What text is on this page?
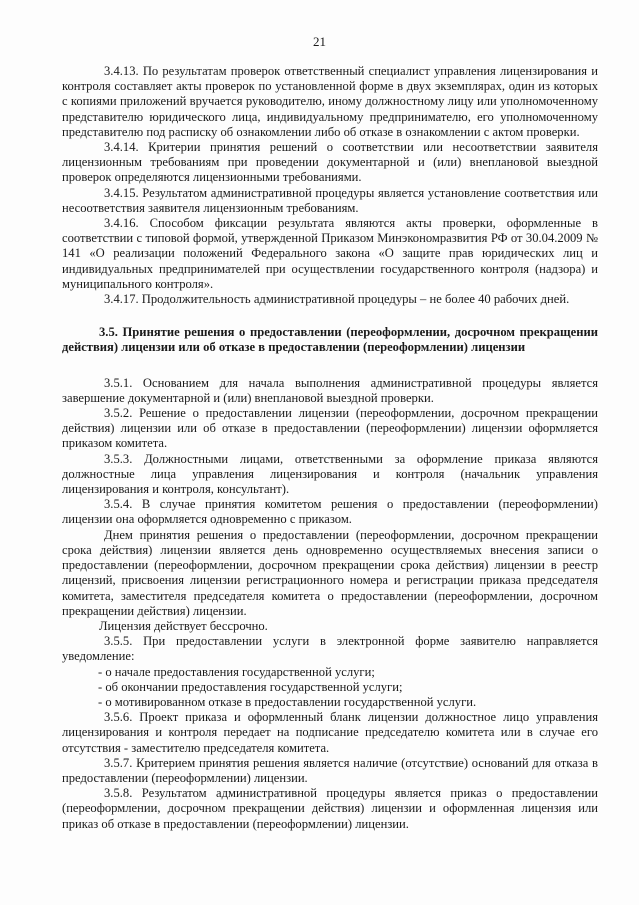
21

3.4.13. По результатам проверок ответственный специалист управления лицензирования и контроля составляет акты проверок по установленной форме в двух экземплярах, один из которых с копиями приложений вручается руководителю, иному должностному лицу или уполномоченному представителю юридического лица, индивидуальному предпринимателю, его уполномоченному представителю под расписку об ознакомлении либо об отказе в ознакомлении с актом проверки.

3.4.14. Критерии принятия решений о соответствии или несоответствии заявителя лицензионным требованиям при проведении документарной и (или) внеплановой выездной проверок определяются лицензионными требованиями.

3.4.15. Результатом административной процедуры является установление соответствия или несоответствия заявителя лицензионным требованиям.

3.4.16. Способом фиксации результата являются акты проверки, оформленные в соответствии с типовой формой, утвержденной Приказом Минэкономразвития РФ от 30.04.2009 № 141 «О реализации положений Федерального закона «О защите прав юридических лиц и индивидуальных предпринимателей при осуществлении государственного контроля (надзора) и муниципального контроля».

3.4.17. Продолжительность административной процедуры – не более 40 рабочих дней.

3.5. Принятие решения о предоставлении (переоформлении, досрочном прекращении действия) лицензии или об отказе в предоставлении (переоформлении) лицензии

3.5.1. Основанием для начала выполнения административной процедуры является завершение документарной и (или) внеплановой выездной проверки.

3.5.2. Решение о предоставлении лицензии (переоформлении, досрочном прекращении действия) лицензии или об отказе в предоставлении (переоформлении) лицензии оформляется приказом комитета.

3.5.3. Должностными лицами, ответственными за оформление приказа являются должностные лица управления лицензирования и контроля (начальник управления лицензирования и контроля, консультант).

3.5.4. В случае принятия комитетом решения о предоставлении (переоформлении) лицензии она оформляется одновременно с приказом.

Днем принятия решения о предоставлении (переоформлении, досрочном прекращении срока действия) лицензии является день одновременно осуществляемых внесения записи о предоставлении (переоформлении, досрочном прекращении срока действия) лицензии в реестр лицензий, присвоения лицензии регистрационного номера и регистрации приказа председателя комитета, заместителя председателя комитета о предоставлении (переоформлении, досрочном прекращении действия) лицензии.

Лицензия действует бессрочно.

3.5.5. При предоставлении услуги в электронной форме заявителю направляется уведомление:

- о начале предоставления государственной услуги;

- об окончании предоставления государственной услуги;

- о мотивированном отказе в предоставлении государственной услуги.

3.5.6. Проект приказа и оформленный бланк лицензии должностное лицо управления лицензирования и контроля передает на подписание председателю комитета или в случае его отсутствия - заместителю председателя комитета.

3.5.7. Критерием принятия решения является наличие (отсутствие) оснований для отказа в предоставлении (переоформлении) лицензии.

3.5.8. Результатом административной процедуры является приказ о предоставлении (переоформлении, досрочном прекращении действия) лицензии и оформленная лицензия или приказ об отказе в предоставлении (переоформлении) лицензии.
